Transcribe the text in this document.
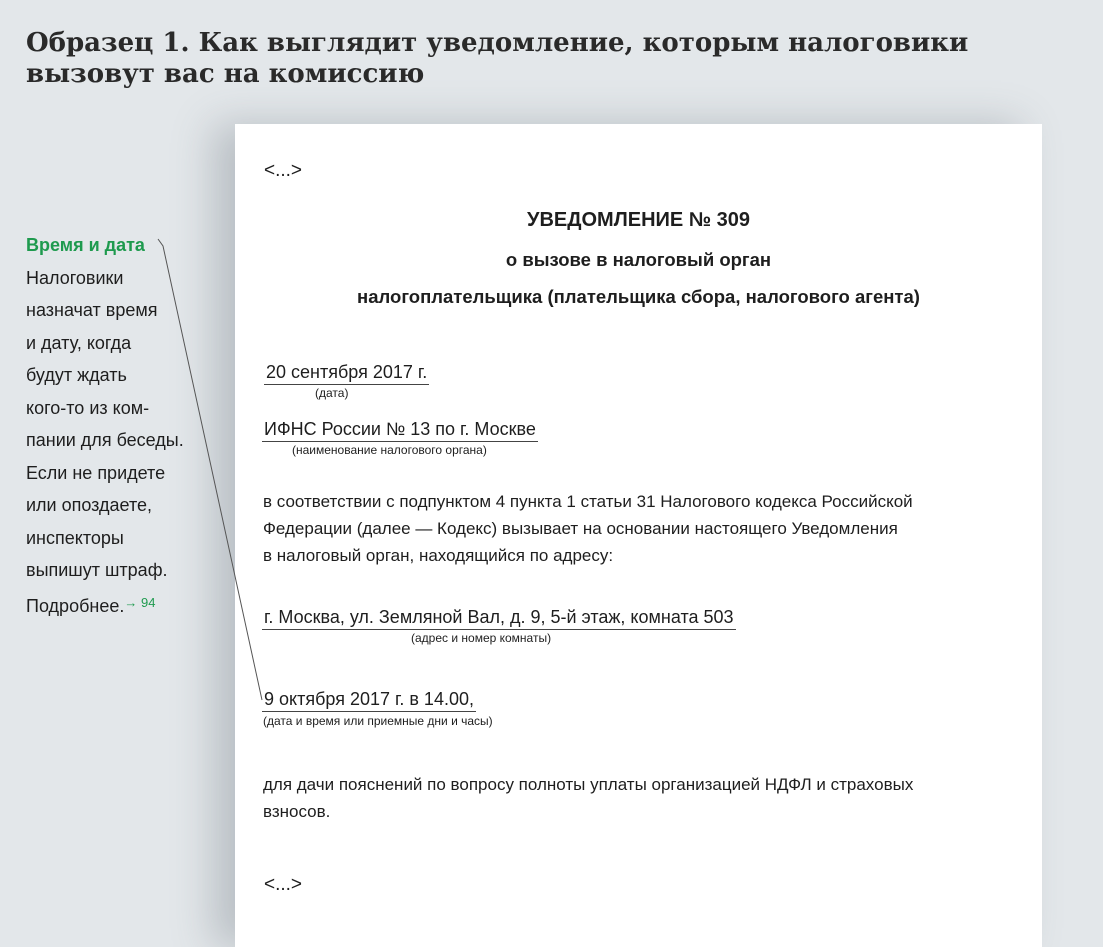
Образец 1. Как выглядит уведомление, которым налоговики
вызовут вас на комиссию
<...>
УВЕДОМЛЕНИЕ № 309
о вызове в налоговый орган
налогоплательщика (плательщика сбора, налогового агента)
20 сентября 2017 г.
(дата)
ИФНС России № 13 по г. Москве
(наименование налогового органа)

в соответствии с подпунктом 4 пункта 1 статьи 31 Налогового кодекса Российской
Федерации (далее — Кодекс) вызывает на основании настоящего Уведомления
в налоговый орган, находящийся по адресу:

г. Москва, ул. Земляной Вал, д. 9, 5-й этаж, комната 503
(адрес и номер комнаты)
9 октября 2017 г. в 14.00,
(дата и время или приемные дни и часы)

для дачи пояснений по вопросу полноты уплаты организацией НДФЛ и страховых
взносов.

<...>
Время и дата
Налоговики
назначат время
и дату, когда
будут ждать
кого-то из ком-
пании для беседы.
Если не придете
или опоздаете,
инспекторы
выпишут штраф.
Подробнее.$^{\to 94}$
